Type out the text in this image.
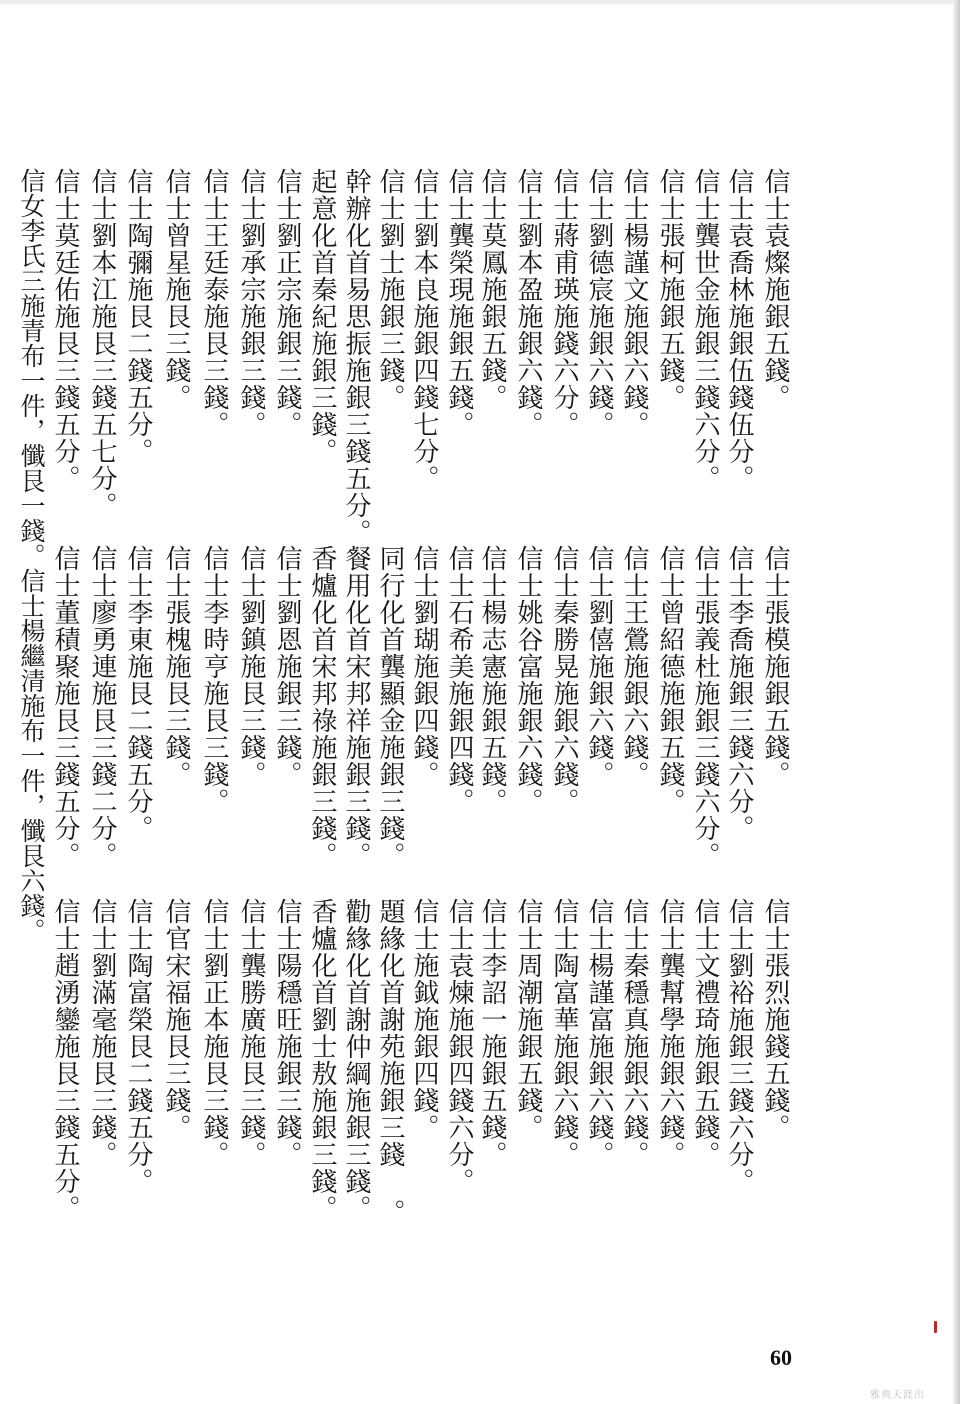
信士袁燦施銀五錢。

信士袁喬林施銀伍錢伍分。

信士龔世金施銀三錢六分。

信士張柯施銀五錢。

信士楊謹文施銀六錢。

信士劉德宸施銀六錢。

信士蔣甫瑛施錢六分。

信士劉本盈施銀六錢。

信士莫鳳施銀五錢。

信士龔榮現施銀五錢。

信士劉本良施銀四錢七分。

信士劉士施銀三錢。

幹辦化首易思振施銀三錢五分。

起意化首秦紀施銀三錢。

信士劉正宗施銀三錢。

信士劉承宗施銀三錢。

信士王廷泰施艮三錢。

信士曾星施艮三錢。

信士陶彌施艮二錢五分。

信士劉本江施艮三錢五七分。

信士莫廷佑施艮三錢五分。

信女李氏三施青布一件，懺艮一錢。信士楊繼清施布一件，懺艮六錢。	信士張模施銀五錢。

信士李喬施銀三錢六分。

信士張義杜施銀三錢六分。

信士曾紹德施銀五錢。

信士王鶯施銀六錢。

信士劉僖施銀六錢。

信士秦勝晃施銀六錢。

信士姚谷富施銀六錢。

信士楊志憲施銀五錢。

信士石希美施銀四錢。

信士劉瑚施銀四錢。

同行化首龔顯金施銀三錢。

餐用化首宋邦祥施銀三錢。

香爐化首宋邦祿施銀三錢。

信士劉恩施銀三錢。

信士劉鎮施艮三錢。

信士李時亨施艮三錢。

信士張槐施艮三錢。

信士李東施艮二錢五分。

信士廖勇連施艮三錢二分。

信士董積聚施艮三錢五分。

信士張烈施錢五錢。

信士劉裕施銀三錢六分。

信士文禮琦施銀五錢。

信士龔幫學施銀六錢。

信士秦穩真施銀六錢。

信士楊謹富施銀六錢。

信士陶富華施銀六錢。

信士周潮施銀五錢。

信士李詔一施銀五錢。

信士袁煉施銀四錢六分。

信士施鉞施銀四錢。

題緣化首謝苑施銀三錢 。

勸緣化首謝仲綱施銀三錢。

香爐化首劉士敖施銀三錢。

信士陽穩旺施銀三錢。

信士龔勝廣施艮三錢。

信士劉正本施艮三錢。

信官宋福施艮三錢。

信士陶富榮艮二錢五分。

信士劉滿毫施艮三錢。

信士趙湧鑾施艮三錢五分。

60
雅典天涯出
